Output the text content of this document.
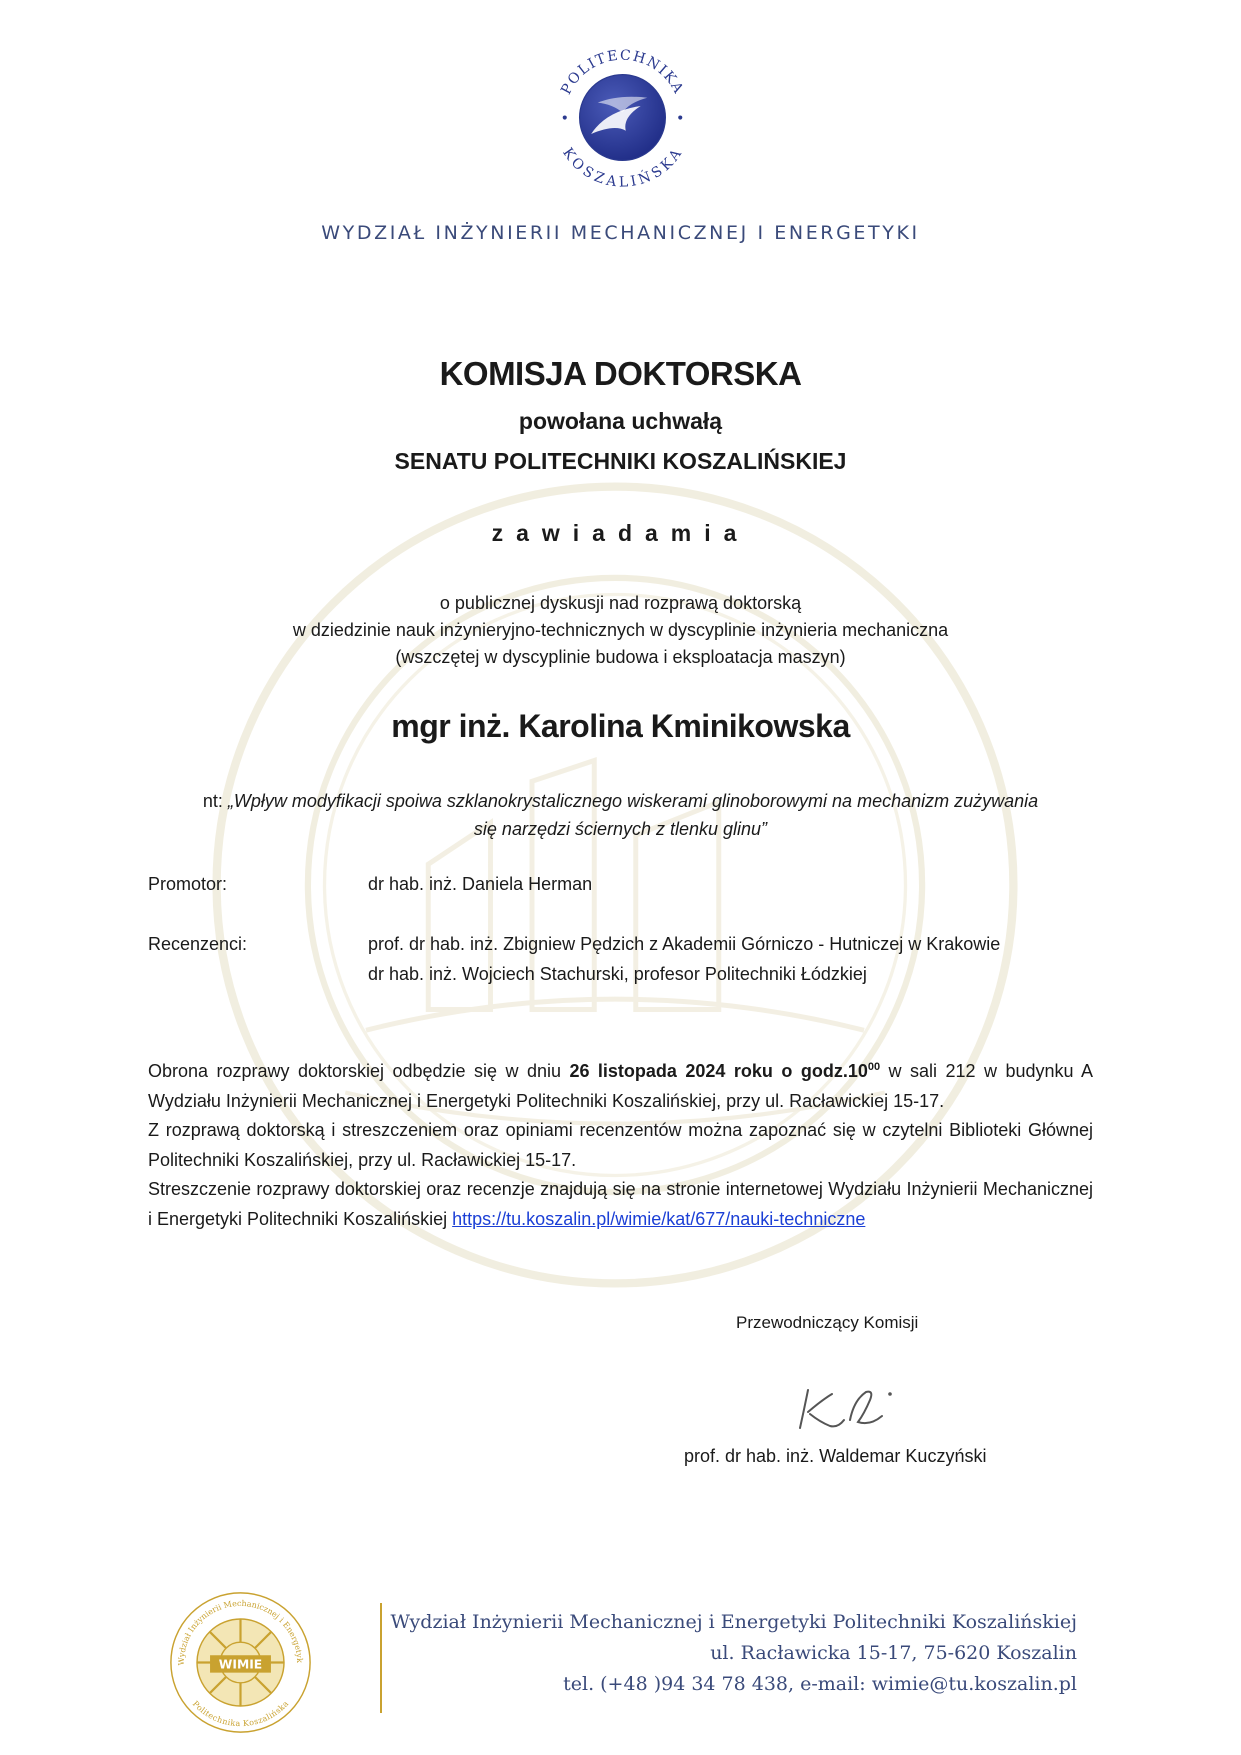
POLITECHNIKA
KOSZALIŃSKA
WYDZIAŁ INŻYNIERII MECHANICZNEJ I ENERGETYKI
KOMISJA DOKTORSKA
powołana uchwałą
SENATU POLITECHNIKI KOSZALIŃSKIEJ
zawiadamia
o publicznej dyskusji nad rozprawą doktorską
w dziedzinie nauk inżynieryjno-technicznych w dyscyplinie inżynieria mechaniczna
(wszczętej w dyscyplinie budowa i eksploatacja maszyn)
mgr inż. Karolina Kminikowska
nt: „Wpływ modyfikacji spoiwa szklanokrystalicznego wiskerami glinoborowymi na mechanizm zużywania
się narzędzi ściernych z tlenku glinu”
Promotor:	dr hab. inż. Daniela Herman
Recenzenci:	prof. dr hab. inż. Zbigniew Pędzich z Akademii Górniczo - Hutniczej w Krakowie
dr hab. inż. Wojciech Stachurski, profesor Politechniki Łódzkiej

Obrona rozprawy doktorskiej odbędzie się w dniu 26 listopada 2024 roku o $godz.10^{00}$ w sali 212 w budynku A Wydziału Inżynierii Mechanicznej i Energetyki Politechniki Koszalińskiej, przy ul. Racławickiej 15-17.

Z rozprawą doktorską i streszczeniem oraz opiniami recenzentów można zapoznać się w czytelni Biblioteki Głównej Politechniki Koszalińskiej, przy ul. Racławickiej 15-17.

Streszczenie rozprawy doktorskiej oraz recenzje znajdują się na stronie internetowej Wydziału Inżynierii Mechanicznej i Energetyki Politechniki Koszalińskiej https://tu.koszalin.pl/wimie/kat/677/nauki-techniczne

Przewodniczący Komisji
prof. dr hab. inż. Waldemar Kuczyński
WIMIE
Wydział Inżynierii Mechanicznej i Energetyk
Politechnika Koszalińska
Wydział Inżynierii Mechanicznej i Energetyki Politechniki Koszalińskiej
ul. Racławicka 15-17, 75-620 Koszalin
tel. (+48 )94 34 78 438, e-mail: wimie@tu.koszalin.pl
